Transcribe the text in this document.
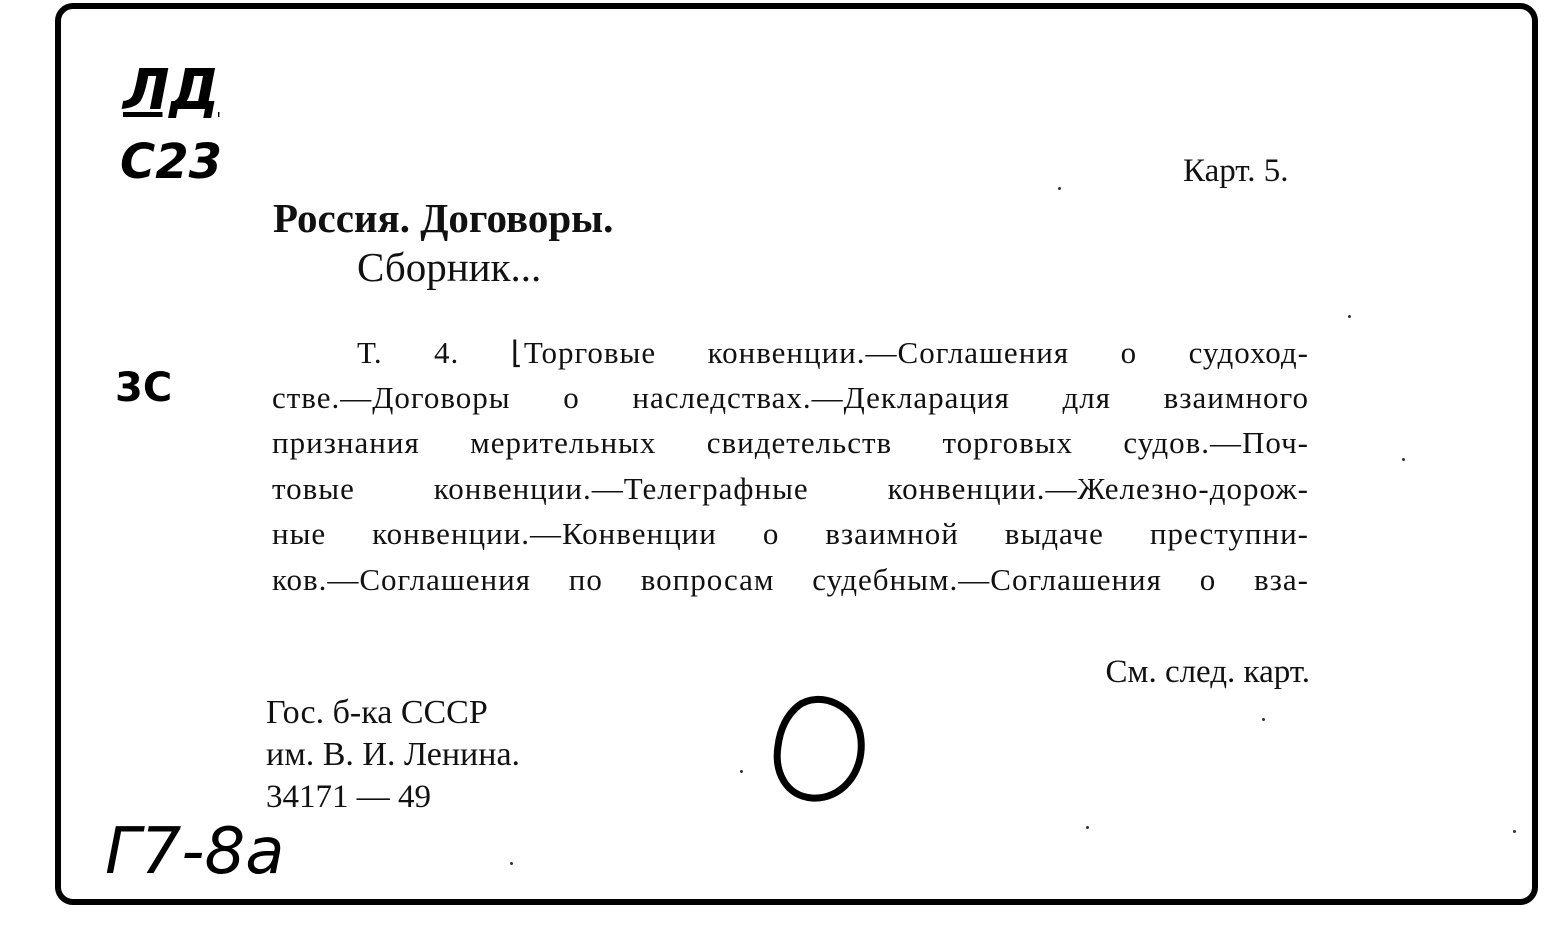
ЛД
С23
3С
Г7-8а
Карт. 5.
Россия. Договоры.
Сборник...
Т. 4. ⌊Торговые конвенции.—Соглашения о судоход-
стве.—Договоры о наследствах.—Декларация для взаимного
признания мерительных свидетельств торговых судов.—Поч-
товые конвенции.—Телеграфные конвенции.—Железно-дорож-
ные конвенции.—Конвенции о взаимной выдаче преступни-
ков.—Соглашения по вопросам судебным.—Соглашения о вза-
См. след. карт.
Гос. б-ка СССР
им. В. И. Ленина.
34171 — 49
